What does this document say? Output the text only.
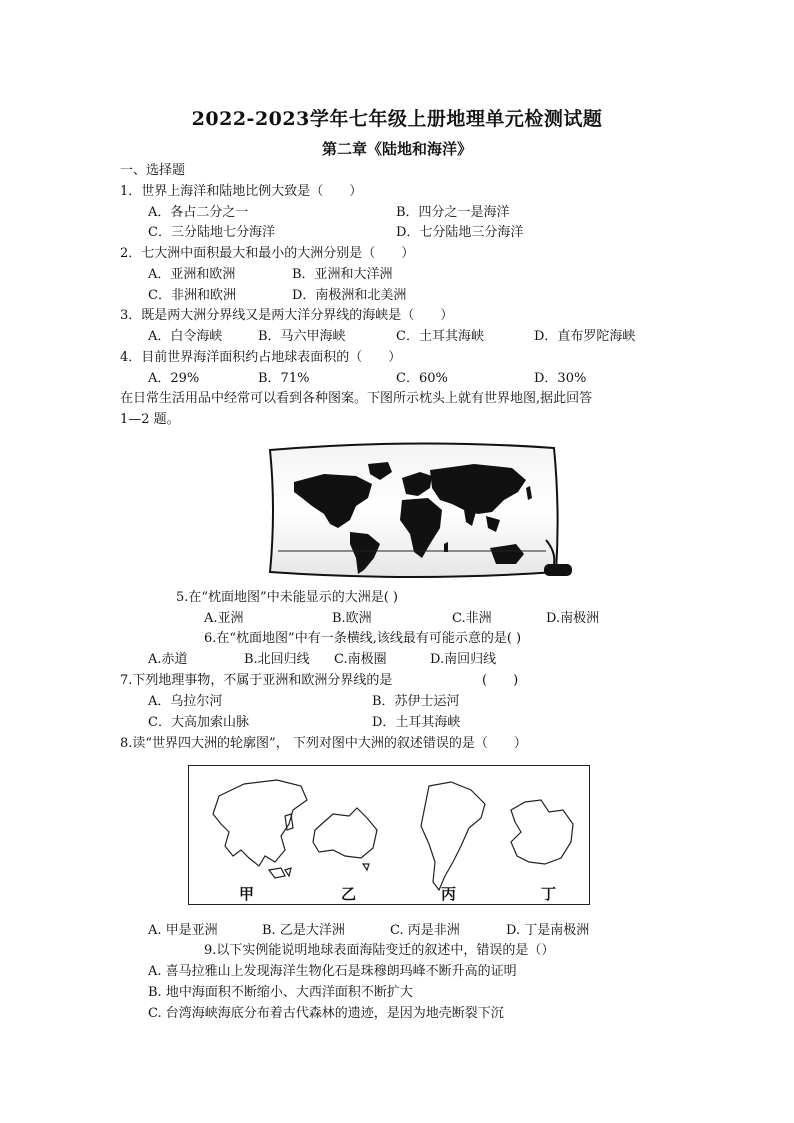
2022-2023学年七年级上册地理单元检测试题
第二章《陆地和海洋》
一、选择题
1．世界上海洋和陆地比例大致是（　　）
A．各占二分之一	B．四分之一是海洋
C．三分陆地七分海洋	D．七分陆地三分海洋
2．七大洲中面积最大和最小的大洲分别是（　　）
A．亚洲和欧洲	B．亚洲和大洋洲
C．非洲和欧洲	D．南极洲和北美洲
3．既是两大洲分界线又是两大洋分界线的海峡是（　　）
A．白令海峡	B．马六甲海峡	C．土耳其海峡	D．直布罗陀海峡
4．目前世界海洋面积约占地球表面积的（　　）
A．29%	B．71%	C．60%	D．30%
在日常生活用品中经常可以看到各种图案。下图所示枕头上就有世界地图,据此回答
1—2 题。
5.在“枕面地图”中未能显示的大洲是( )
A.亚洲	B.欧洲	C.非洲	D.南极洲
6.在“枕面地图”中有一条横线,该线最有可能示意的是( )
A.赤道	B.北回归线 C.南极圈	D.南回归线
7.下列地理事物，不属于亚洲和欧洲分界线的是	(　　)
A．乌拉尔河	B．苏伊士运河
C．大高加索山脉	D．土耳其海峡
8.读“世界四大洲的轮廓图”， 下列对图中大洲的叙述错误的是（　　）
甲	乙	丙	丁
A. 甲是亚洲	B. 乙是大洋洲	C. 丙是非洲	D. 丁是南极洲
9.以下实例能说明地球表面海陆变迁的叙述中，错误的是（）
A. 喜马拉雅山上发现海洋生物化石是珠穆朗玛峰不断升高的证明
B. 地中海面积不断缩小、大西洋面积不断扩大
C. 台湾海峡海底分布着古代森林的遗迹，是因为地壳断裂下沉
